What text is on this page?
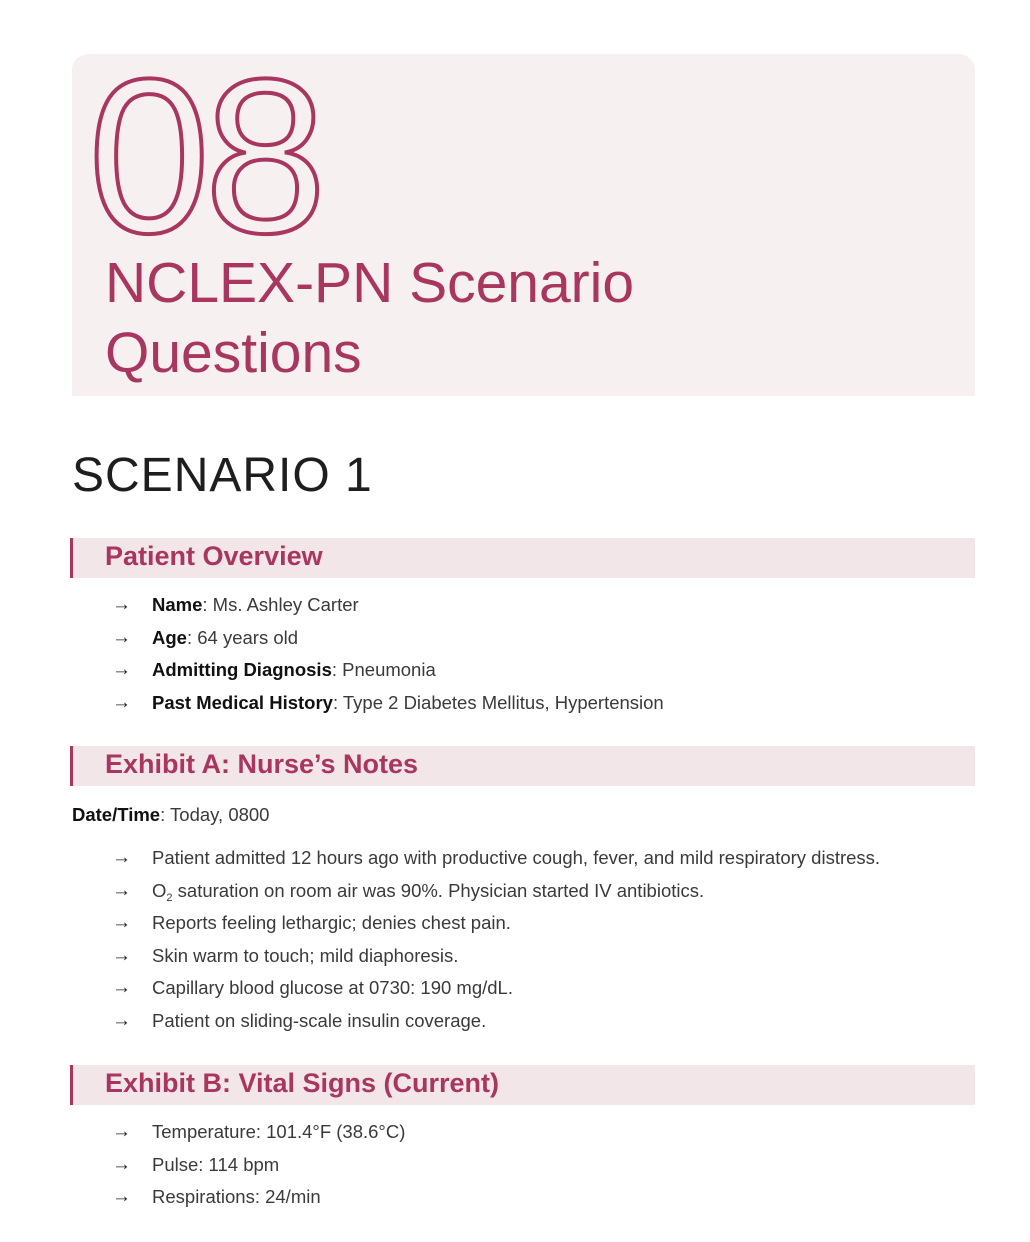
08
NCLEX-PN Scenario Questions
SCENARIO 1
Patient Overview
→ Name: Ms. Ashley Carter
→ Age: 64 years old
→ Admitting Diagnosis: Pneumonia
→ Past Medical History: Type 2 Diabetes Mellitus, Hypertension
Exhibit A: Nurse’s Notes
Date/Time: Today, 0800
→ Patient admitted 12 hours ago with productive cough, fever, and mild respiratory distress.
→ $O_2$ saturation on room air was 90%. Physician started IV antibiotics.
→ Reports feeling lethargic; denies chest pain.
→ Skin warm to touch; mild diaphoresis.
→ Capillary blood glucose at 0730: 190 mg/dL.
→ Patient on sliding-scale insulin coverage.
Exhibit B: Vital Signs (Current)
→ Temperature: 101.4°F (38.6°C)
→ Pulse: 114 bpm
→ Respirations: 24/min
